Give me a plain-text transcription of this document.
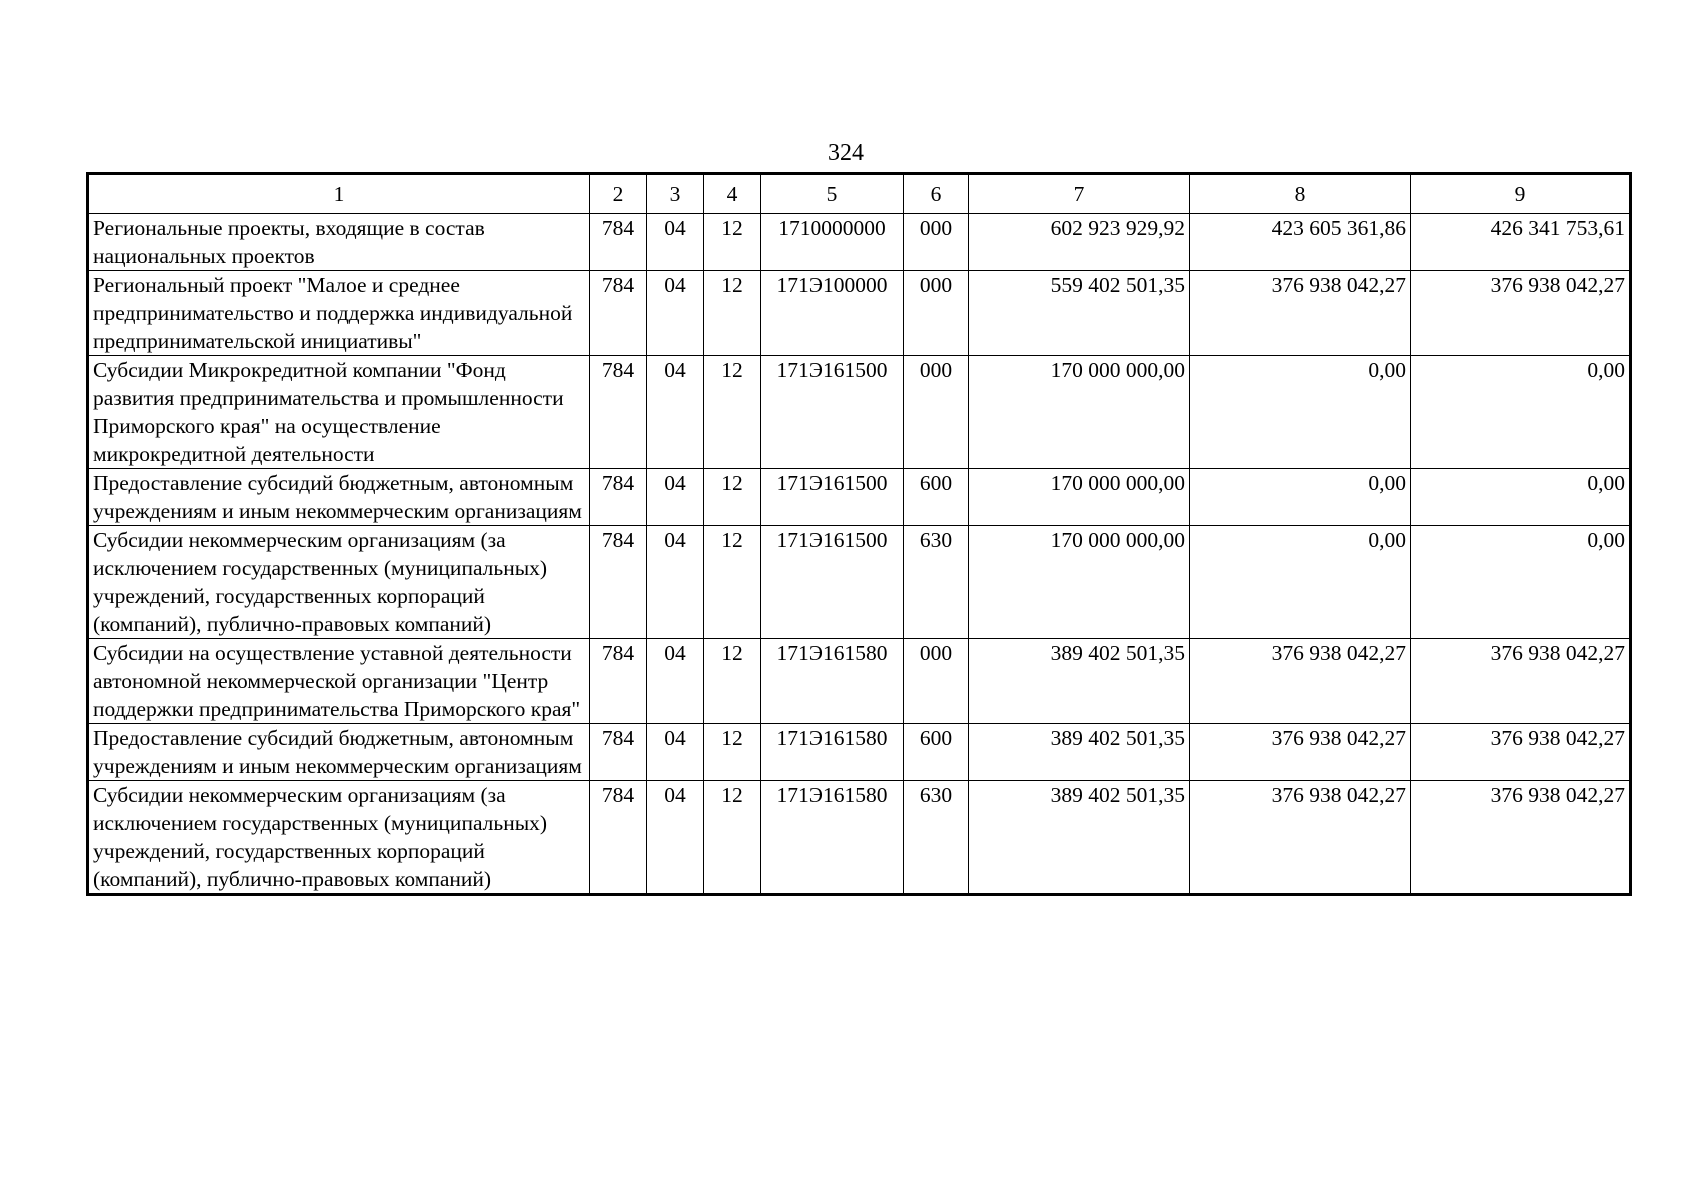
324
1	2	3	4	5	6	7	8	9
Региональные проекты, входящие в состав национальных проектов	784	04	12	1710000000	000	602 923 929,92	423 605 361,86	426 341 753,61
Региональный проект "Малое и среднее предпринимательство и поддержка индивидуальной предпринимательской инициативы"	784	04	12	171Э100000	000	559 402 501,35	376 938 042,27	376 938 042,27
Субсидии Микрокредитной компании "Фонд развития предпринимательства и промышленности Приморского края" на осуществление микрокредитной деятельности	784	04	12	171Э161500	000	170 000 000,00	0,00	0,00
Предоставление субсидий бюджетным, автономным учреждениям и иным некоммерческим организациям	784	04	12	171Э161500	600	170 000 000,00	0,00	0,00
Субсидии некоммерческим организациям (за исключением государственных (муниципальных) учреждений, государственных корпораций (компаний), публично-правовых компаний)	784	04	12	171Э161500	630	170 000 000,00	0,00	0,00
Субсидии на осуществление уставной деятельности автономной некоммерческой организации "Центр поддержки предпринимательства Приморского края"	784	04	12	171Э161580	000	389 402 501,35	376 938 042,27	376 938 042,27
Предоставление субсидий бюджетным, автономным учреждениям и иным некоммерческим организациям	784	04	12	171Э161580	600	389 402 501,35	376 938 042,27	376 938 042,27
Субсидии некоммерческим организациям (за исключением государственных (муниципальных) учреждений, государственных корпораций (компаний), публично-правовых компаний)	784	04	12	171Э161580	630	389 402 501,35	376 938 042,27	376 938 042,27
